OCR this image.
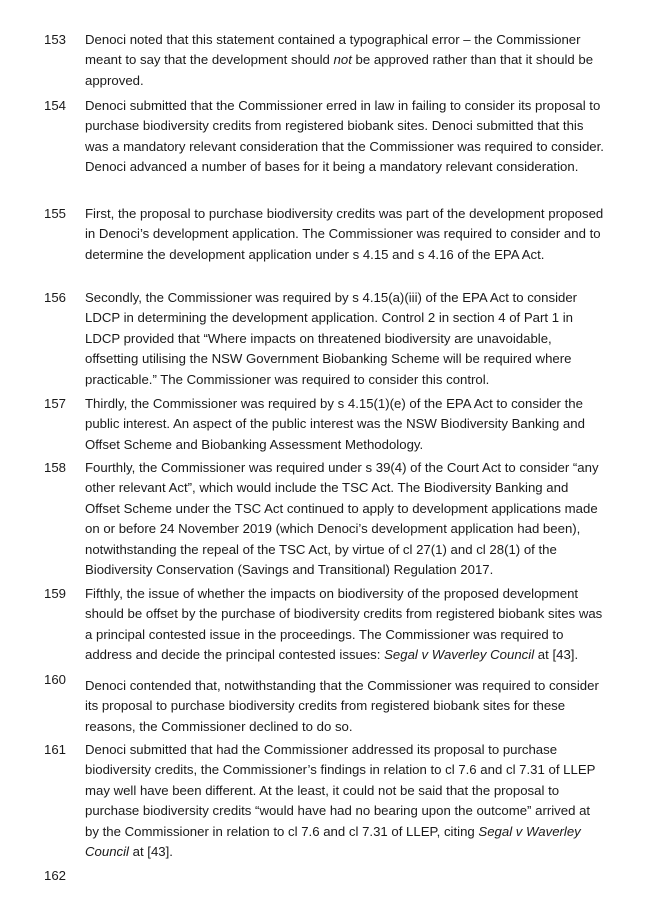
153	Denoci noted that this statement contained a typographical error – the Commissioner meant to say that the development should not be approved rather than that it should be approved.
154	Denoci submitted that the Commissioner erred in law in failing to consider its proposal to purchase biodiversity credits from registered biobank sites. Denoci submitted that this was a mandatory relevant consideration that the Commissioner was required to consider. Denoci advanced a number of bases for it being a mandatory relevant consideration.
155	First, the proposal to purchase biodiversity credits was part of the development proposed in Denoci’s development application. The Commissioner was required to consider and to determine the development application under s 4.15 and s 4.16 of the EPA Act.
156	Secondly, the Commissioner was required by s 4.15(a)(iii) of the EPA Act to consider LDCP in determining the development application. Control 2 in section 4 of Part 1 in LDCP provided that “Where impacts on threatened biodiversity are unavoidable, offsetting utilising the NSW Government Biobanking Scheme will be required where practicable.” The Commissioner was required to consider this control.
157	Thirdly, the Commissioner was required by s 4.15(1)(e) of the EPA Act to consider the public interest. An aspect of the public interest was the NSW Biodiversity Banking and Offset Scheme and Biobanking Assessment Methodology.
158	Fourthly, the Commissioner was required under s 39(4) of the Court Act to consider “any other relevant Act”, which would include the TSC Act. The Biodiversity Banking and Offset Scheme under the TSC Act continued to apply to development applications made on or before 24 November 2019 (which Denoci’s development application had been), notwithstanding the repeal of the TSC Act, by virtue of cl 27(1) and cl 28(1) of the Biodiversity Conservation (Savings and Transitional) Regulation 2017.
159	Fifthly, the issue of whether the impacts on biodiversity of the proposed development should be offset by the purchase of biodiversity credits from registered biobank sites was a principal contested issue in the proceedings. The Commissioner was required to address and decide the principal contested issues: Segal v Waverley Council at [43].
160	Denoci contended that, notwithstanding that the Commissioner was required to consider its proposal to purchase biodiversity credits from registered biobank sites for these reasons, the Commissioner declined to do so.
161	Denoci submitted that had the Commissioner addressed its proposal to purchase biodiversity credits, the Commissioner’s findings in relation to cl 7.6 and cl 7.31 of LLEP may well have been different. At the least, it could not be said that the proposal to purchase biodiversity credits “would have had no bearing upon the outcome” arrived at by the Commissioner in relation to cl 7.6 and cl 7.31 of LLEP, citing Segal v Waverley Council at [43].
162
